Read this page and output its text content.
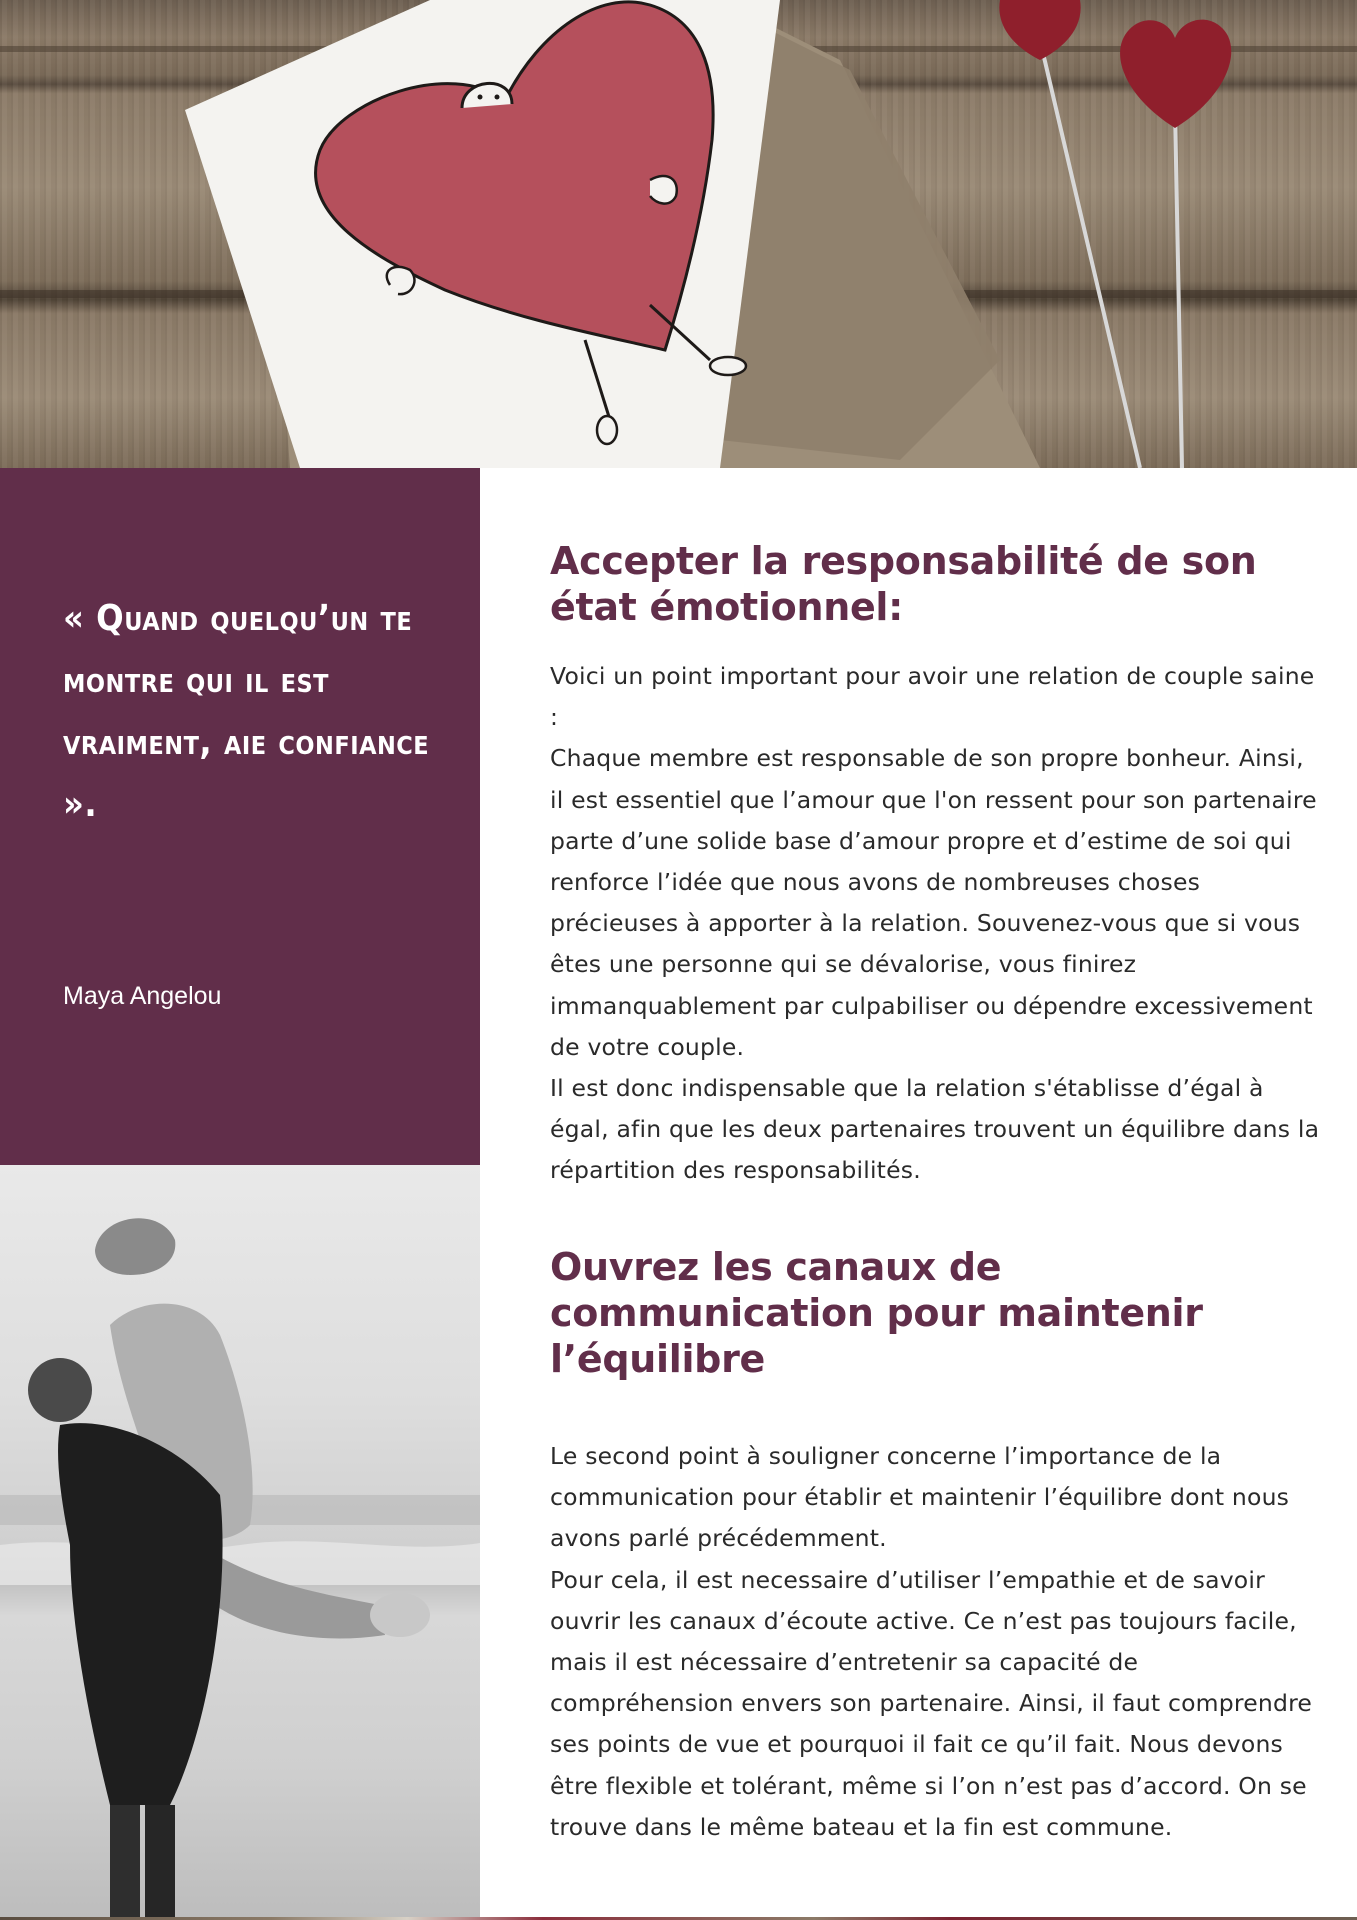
« Quand quelqu’un te montre qui il est vraiment, aie confiance ».

Maya Angelou

Accepter la responsabilité de son état émotionnel:

Voici un point important pour avoir une relation de couple saine :
Chaque membre est responsable de son propre bonheur. Ainsi, il est essentiel que l’amour que l'on ressent pour son partenaire parte d’une solide base d’amour propre et d’estime de soi qui renforce l’idée que nous avons de nombreuses choses précieuses à apporter à la relation. Souvenez-vous que si vous êtes une personne qui se dévalorise, vous finirez immanquablement par culpabiliser ou dépendre excessivement de votre couple.
Il est donc indispensable que la relation s'établisse d’égal à égal, afin que les deux partenaires trouvent un équilibre dans la répartition des responsabilités.

Ouvrez les canaux de communication pour maintenir l’équilibre

Le second point à souligner concerne l’importance de la communication pour établir et maintenir l’équilibre dont nous avons parlé précédemment.
Pour cela, il est necessaire d’utiliser l’empathie et de savoir ouvrir les canaux d’écoute active. Ce n’est pas toujours facile, mais il est nécessaire d’entretenir sa capacité de compréhension envers son partenaire. Ainsi, il faut comprendre ses points de vue et pourquoi il fait ce qu’il fait. Nous devons être flexible et tolérant, même si l’on n’est pas d’accord. On se trouve dans le même bateau et la fin est commune.
